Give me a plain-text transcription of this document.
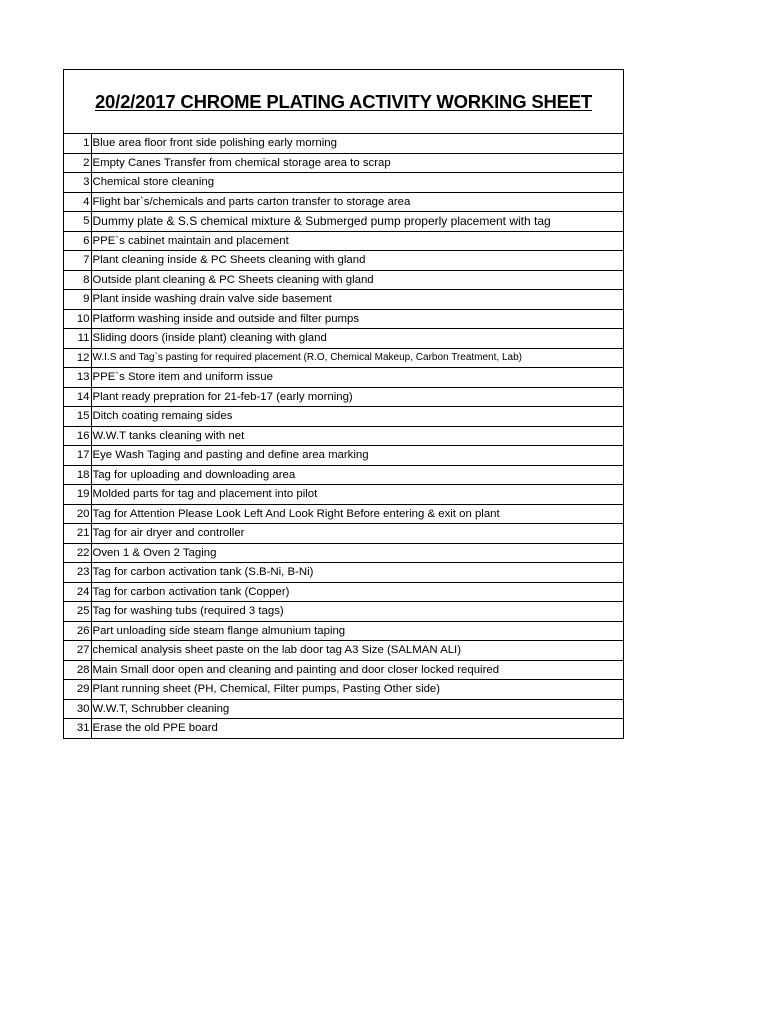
20/2/2017 CHROME PLATING ACTIVITY WORKING SHEET
1	Blue area floor front side polishing early morning
2	Empty Canes Transfer from chemical storage area to scrap
3	Chemical store cleaning
4	Flight bar`s/chemicals and parts carton transfer to storage area
5	Dummy plate & S.S chemical mixture & Submerged pump properly placement with tag
6	PPE`s cabinet maintain and placement
7	Plant cleaning inside & PC Sheets cleaning with gland
8	Outside plant cleaning & PC Sheets cleaning with gland
9	Plant inside washing drain valve side basement
10	Platform washing inside and outside and filter pumps
11	Sliding doors (inside plant) cleaning with gland
12	W.I.S and Tag`s pasting for required placement (R.O, Chemical Makeup, Carbon Treatment, Lab)
13	PPE`s Store item and uniform issue
14	Plant ready prepration for 21-feb-17 (early morning)
15	Ditch coating remaing sides
16	W.W.T tanks cleaning with net
17	Eye Wash Taging and pasting and define area marking
18	Tag for uploading and downloading area
19	Molded parts for tag and placement into pilot
20	Tag for Attention Please Look Left And Look Right Before entering & exit on plant
21	Tag for air dryer and controller
22	Oven 1 & Oven 2 Taging
23	Tag for carbon activation tank (S.B-Ni, B-Ni)
24	Tag for carbon activation tank (Copper)
25	Tag for washing tubs (required 3 tags)
26	Part unloading side steam flange almunium taping
27	chemical analysis sheet paste on the lab door tag A3 Size (SALMAN ALI)
28	Main Small door open and cleaning and painting and door closer locked required
29	Plant running sheet (PH, Chemical, Filter pumps, Pasting Other side)
30	W.W.T, Schrubber cleaning
31	Erase the old PPE board
